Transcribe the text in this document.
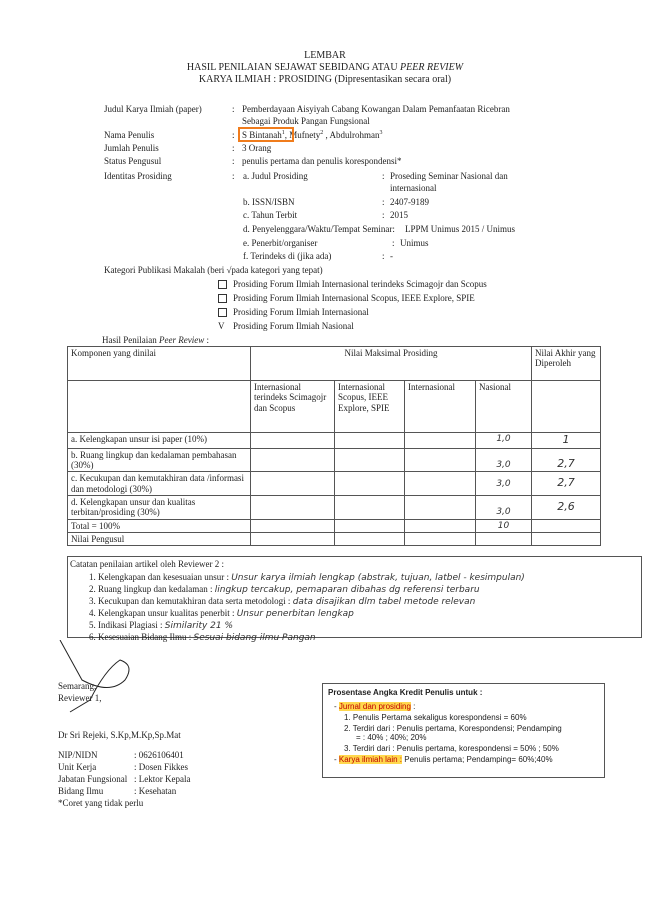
LEMBAR
HASIL PENILAIAN SEJAWAT SEBIDANG ATAU PEER REVIEW
KARYA ILMIAH : PROSIDING (Dipresentasikan secara oral)
Judul Karya Ilmiah (paper)	: Pemberdayaan Aisyiyah Cabang Kowangan Dalam Pemanfaatan Ricebran
Sebagai Produk Pangan Fungsional
Nama Penulis	: S Bintanah$^1$, Mufnety$^2$ , Abdulrohman$^3$
Jumlah Penulis	: 3 Orang
Status Pengusul	: penulis pertama dan penulis korespondensi*
Identitas Prosiding	: a. Judul Prosiding	: Proseding Seminar Nasional dan
internasional
b. ISSN/ISBN	: 2407-9189
c. Tahun Terbit	: 2015
d. Penyelenggara/Waktu/Tempat Seminar: LPPM Unimus 2015 / Unimus
e. Penerbit/organiser	: Unimus
f. Terindeks di (jika ada)	: -
Kategori Publikasi Makalah (beri √pada kategori yang tepat)
Prosiding Forum Ilmiah Internasional terindeks Scimagojr dan Scopus
Prosiding Forum Ilmiah Internasional Scopus, IEEE Explore, SPIE
Prosiding Forum Ilmiah Internasional
V Prosiding Forum Ilmiah Nasional
Hasil Penilaian Peer Review :
Komponen yang dinilai	Nilai Maksimal Prosiding				Nilai Akhir yang Diperoleh
	Internasional terindeks Scimagojr dan Scopus	Internasional Scopus, IEEE Explore, SPIE	Internasional	Nasional	
a. Kelengkapan unsur isi paper (10%)				1,0	1
b. Ruang lingkup dan kedalaman pembahasan (30%)				3,0	2,7
c. Kecukupan dan kemutakhiran data /informasi dan metodologi (30%)				3,0	2,7
d. Kelengkapan unsur dan kualitas terbitan/prosiding (30%)				3,0	2,6
Total = 100%				10	
Nilai Pengusul					
Catatan penilaian artikel oleh Reviewer 2 :
1. Kelengkapan dan kesesuaian unsur : Unsur karya ilmiah lengkap (abstrak, tujuan, latbel - kesimpulan)
2. Ruang lingkup dan kedalaman : lingkup tercakup, pemaparan dibahas dg referensi terbaru
3. Kecukupan dan kemutakhiran data serta metodologi : data disajikan dlm tabel metode relevan
4. Kelengkapan unsur kualitas penerbit : Unsur penerbitan lengkap
5. Indikasi Plagiasi : Similarity 21 %
6. Kesesuaian Bidang Ilmu : Sesuai bidang ilmu Pangan
Semarang,
Reviewer 1,
Dr Sri Rejeki, S.Kp,M.Kp,Sp.Mat
NIP/NIDN	: 0626106401
Unit Kerja	: Dosen Fikkes
Jabatan Fungsional : Lektor Kepala
Bidang Ilmu	: Kesehatan
*Coret yang tidak perlu
Prosentase Angka Kredit Penulis untuk :
- Jurnal dan prosiding :
1. Penulis Pertama sekaligus korespondensi = 60%
2. Terdiri dari : Penulis pertama, Korespondensi; Pendamping
= : 40% ; 40%; 20%
3. Terdiri dari : Penulis pertama, korespondensi = 50% ; 50%
- Karya ilmiah lain : Penulis pertama; Pendamping= 60%;40%
